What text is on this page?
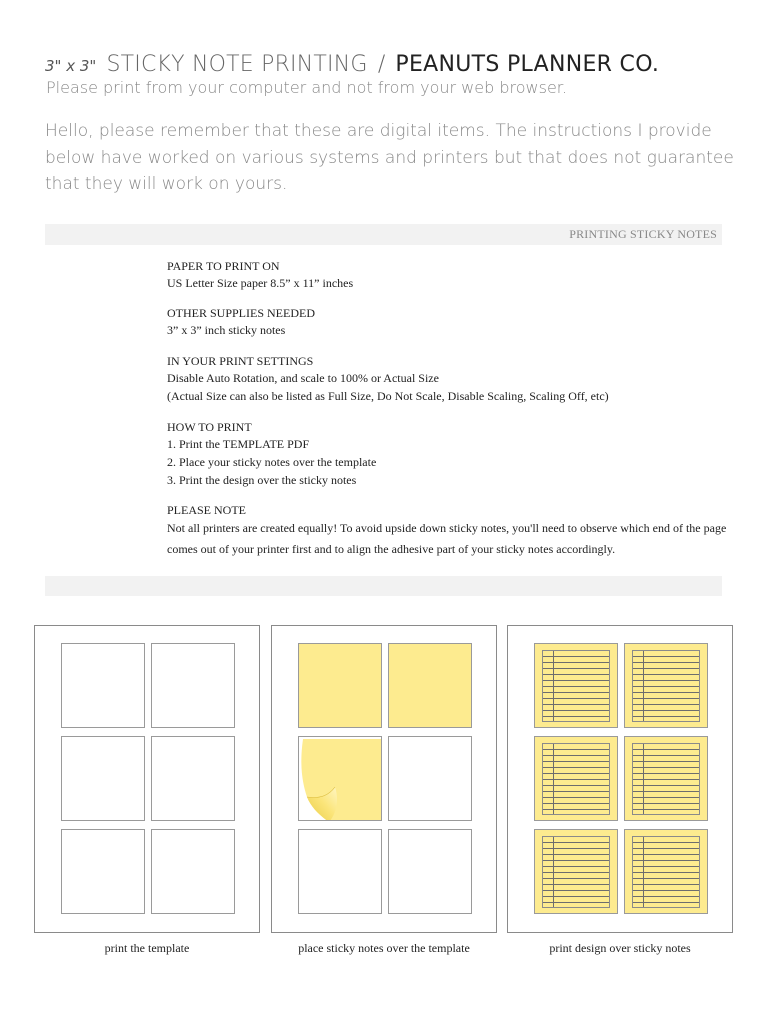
3" x 3" STICKY NOTE PRINTING / PEANUTS PLANNER CO.
Please print from your computer and not from your web browser.

Hello, please remember that these are digital items. The instructions I provide below have worked on various systems and printers but that does not guarantee that they will work on yours.

PRINTING STICKY NOTES
PAPER TO PRINT ON
US Letter Size paper 8.5” x 11” inches
OTHER SUPPLIES NEEDED
3” x 3” inch sticky notes
IN YOUR PRINT SETTINGS
Disable Auto Rotation, and scale to 100% or Actual Size
(Actual Size can also be listed as Full Size, Do Not Scale, Disable Scaling, Scaling Off, etc)
HOW TO PRINT
1. Print the TEMPLATE PDF
2. Place your sticky notes over the template
3. Print the design over the sticky notes
PLEASE NOTE
Not all printers are created equally! To avoid upside down sticky notes, you'll need to observe which end of the page comes out of your printer first and to align the adhesive part of your sticky notes accordingly.
print the template	place sticky notes over the template	print design over sticky notes
